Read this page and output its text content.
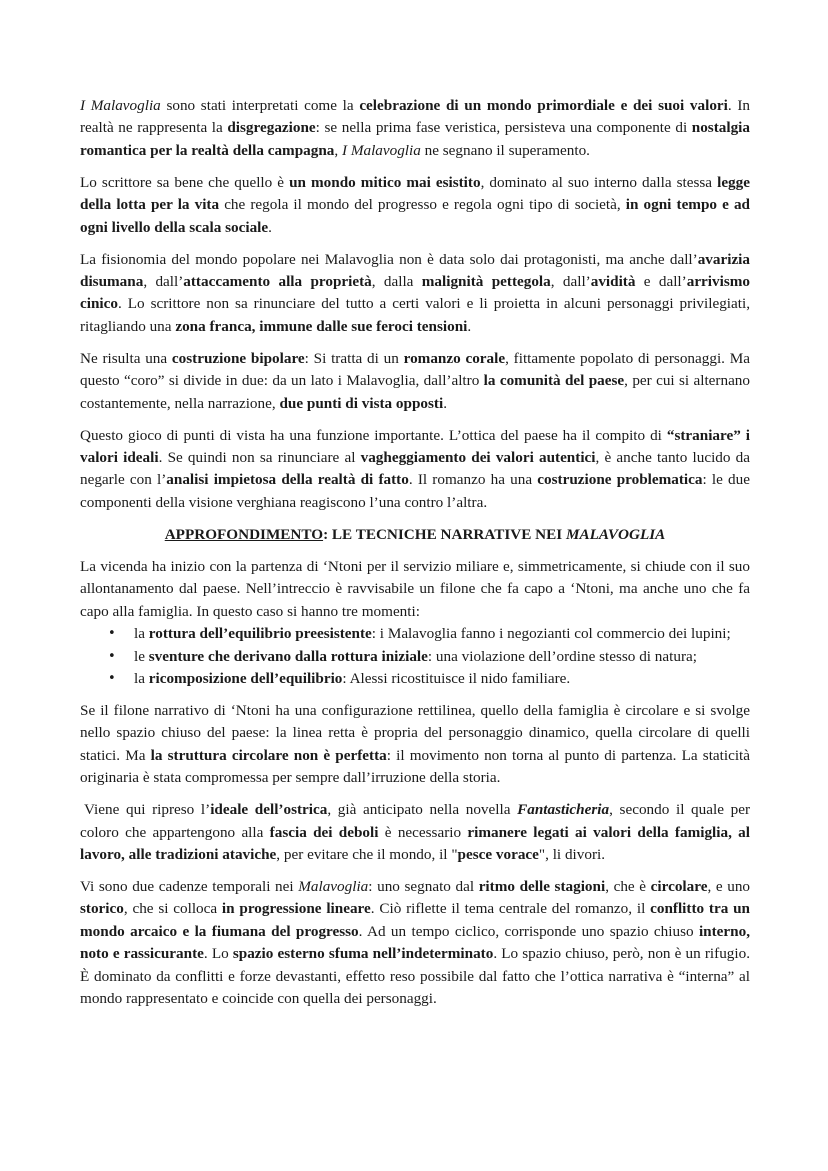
I Malavoglia sono stati interpretati come la celebrazione di un mondo primordiale e dei suoi valori. In realtà ne rappresenta la disgregazione: se nella prima fase veristica, persisteva una componente di nostalgia romantica per la realtà della campagna, I Malavoglia ne segnano il superamento.

Lo scrittore sa bene che quello è un mondo mitico mai esistito, dominato al suo interno dalla stessa legge della lotta per la vita che regola il mondo del progresso e regola ogni tipo di società, in ogni tempo e ad ogni livello della scala sociale.

La fisionomia del mondo popolare nei Malavoglia non è data solo dai protagonisti, ma anche dall’avarizia disumana, dall’attaccamento alla proprietà, dalla malignità pettegola, dall’avidità e dall’arrivismo cinico. Lo scrittore non sa rinunciare del tutto a certi valori e li proietta in alcuni personaggi privilegiati, ritagliando una zona franca, immune dalle sue feroci tensioni.

Ne risulta una costruzione bipolare: Si tratta di un romanzo corale, fittamente popolato di personaggi. Ma questo “coro” si divide in due: da un lato i Malavoglia, dall’altro la comunità del paese, per cui si alternano costantemente, nella narrazione, due punti di vista opposti.

Questo gioco di punti di vista ha una funzione importante. L’ottica del paese ha il compito di “straniare” i valori ideali. Se quindi non sa rinunciare al vagheggiamento dei valori autentici, è anche tanto lucido da negarle con l’analisi impietosa della realtà di fatto. Il romanzo ha una costruzione problematica: le due componenti della visione verghiana reagiscono l’una contro l’altra.

APPROFONDIMENTO: LE TECNICHE NARRATIVE NEI MALAVOGLIA

La vicenda ha inizio con la partenza di ‘Ntoni per il servizio miliare e, simmetricamente, si chiude con il suo allontanamento dal paese. Nell’intreccio è ravvisabile un filone che fa capo a ‘Ntoni, ma anche uno che fa capo alla famiglia. In questo caso si hanno tre momenti:

• la rottura dell’equilibrio preesistente: i Malavoglia fanno i negozianti col commercio dei lupini;
• le sventure che derivano dalla rottura iniziale: una violazione dell’ordine stesso di natura;
• la ricomposizione dell’equilibrio: Alessi ricostituisce il nido familiare.

Se il filone narrativo di ‘Ntoni ha una configurazione rettilinea, quello della famiglia è circolare e si svolge nello spazio chiuso del paese: la linea retta è propria del personaggio dinamico, quella circolare di quelli statici. Ma la struttura circolare non è perfetta: il movimento non torna al punto di partenza. La staticità originaria è stata compromessa per sempre dall’irruzione della storia.

Viene qui ripreso l’ideale dell’ostrica, già anticipato nella novella Fantasticheria, secondo il quale per coloro che appartengono alla fascia dei deboli è necessario rimanere legati ai valori della famiglia, al lavoro, alle tradizioni ataviche, per evitare che il mondo, il "pesce vorace", li divori.

Vi sono due cadenze temporali nei Malavoglia: uno segnato dal ritmo delle stagioni, che è circolare, e uno storico, che si colloca in progressione lineare. Ciò riflette il tema centrale del romanzo, il conflitto tra un mondo arcaico e la fiumana del progresso. Ad un tempo ciclico, corrisponde uno spazio chiuso interno, noto e rassicurante. Lo spazio esterno sfuma nell’indeterminato. Lo spazio chiuso, però, non è un rifugio. È dominato da conflitti e forze devastanti, effetto reso possibile dal fatto che l’ottica narrativa è “interna” al mondo rappresentato e coincide con quella dei personaggi.
